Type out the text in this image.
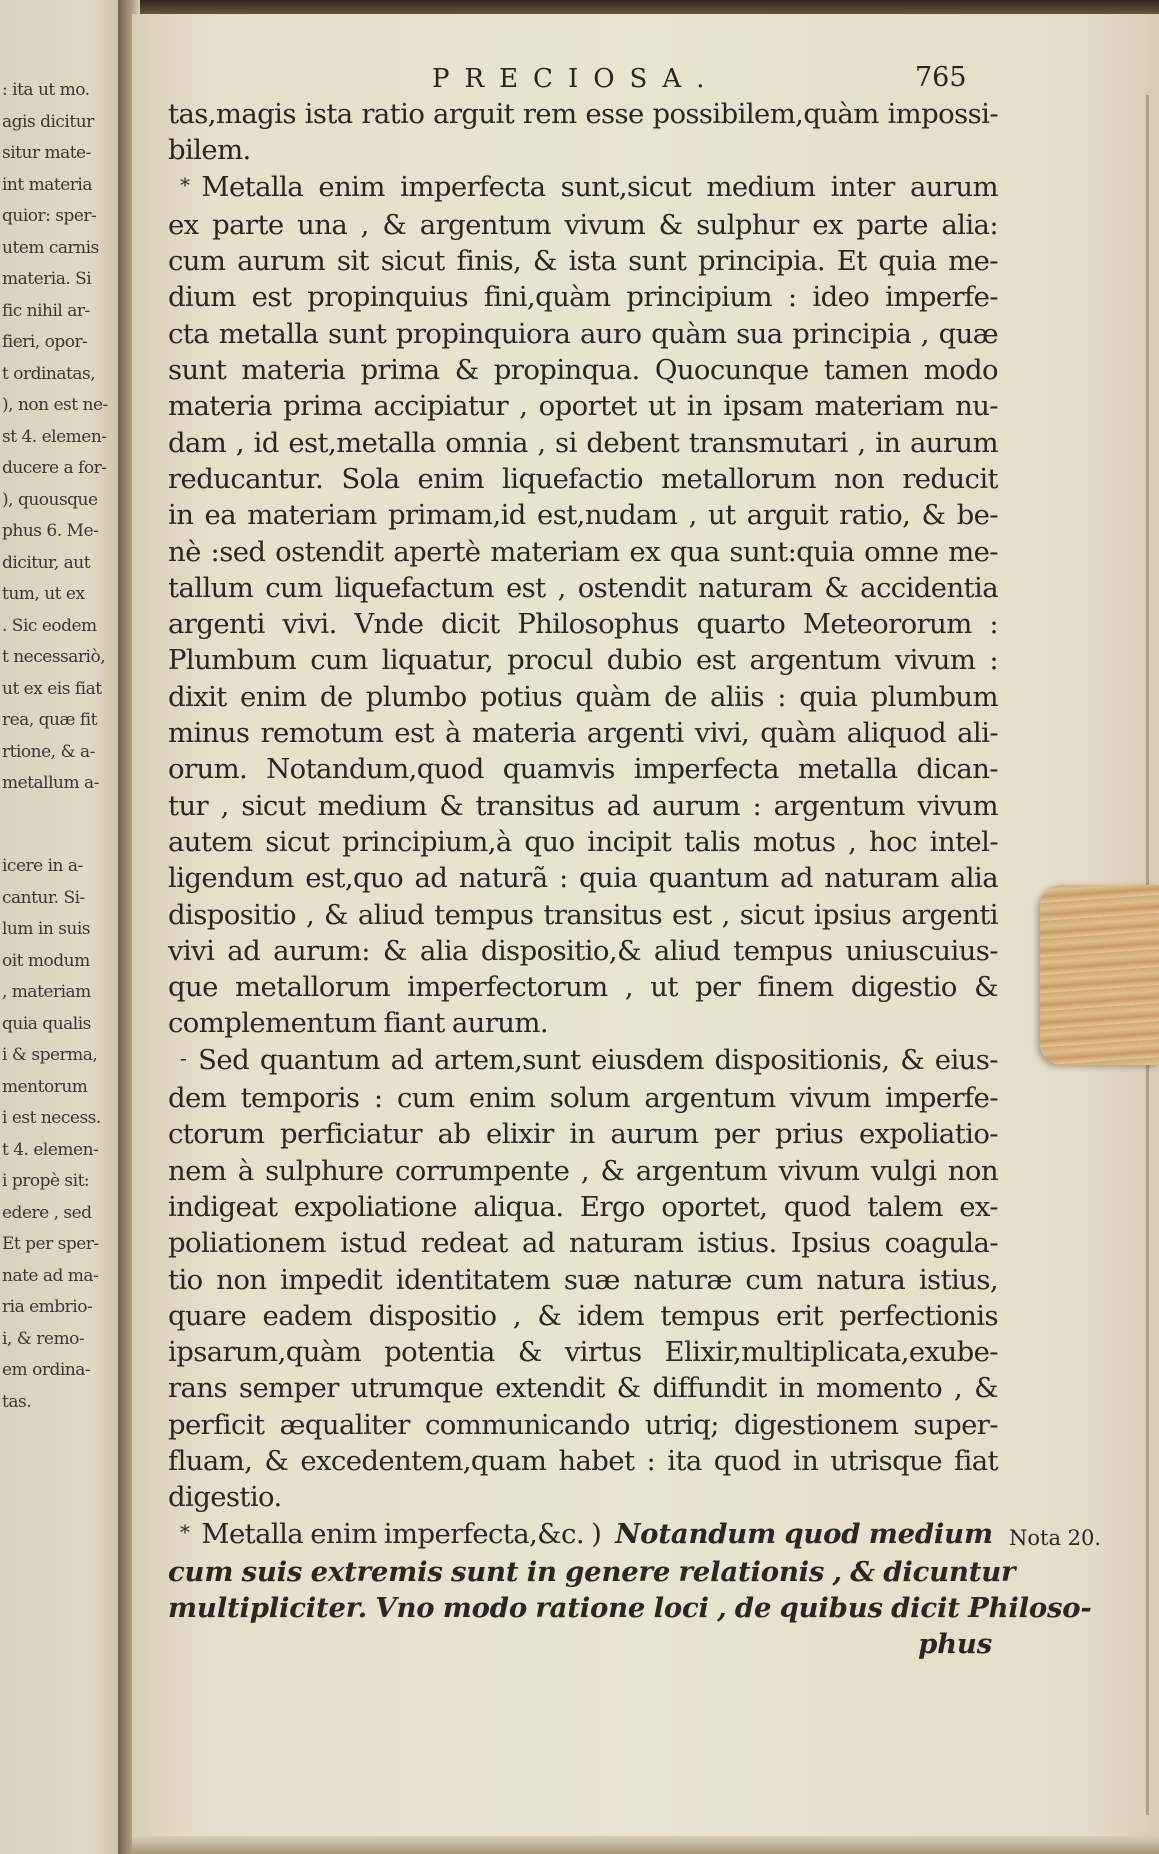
: ita ut mo.
agis dicitur
situr mate-
int materia
quior: sper-
utem carnis
materia. Si
fic nihil ar-
fieri, opor-
t ordinatas,
), non est ne-
st 4. elemen-
ducere a for-
), quousque
phus 6. Me-
dicitur, aut
tum, ut ex
. Sic eodem
t necessariò,
ut ex eis fiat
rea, quæ fit
rtione, & a-
metallum a-
icere in a-
cantur. Si-
lum in suis
oit modum
, materiam
quia qualis
i & sperma,
mentorum
i est necess.
t 4. elemen-
i propè sit:
edere , sed
Et per sper-
nate ad ma-
ria embrio-
i, & remo-
em ordina-
tas.
PRECIOSA.	765
tas,magis ista ratio arguit rem esse possibilem,quàm impossi-
bilem.
* Metalla enim imperfecta sunt,sicut medium inter aurum
ex parte una , & argentum vivum & sulphur ex parte alia:
cum aurum sit sicut finis, & ista sunt principia. Et quia me-
dium est propinquius fini,quàm principium : ideo imperfe-
cta metalla sunt propinquiora auro quàm sua principia , quæ
sunt materia prima & propinqua. Quocunque tamen modo
materia prima accipiatur , oportet ut in ipsam materiam nu-
dam , id est,metalla omnia , si debent transmutari , in aurum
reducantur. Sola enim liquefactio metallorum non reducit
in ea materiam primam,id est,nudam , ut arguit ratio, & be-
nè :sed ostendit apertè materiam ex qua sunt:quia omne me-
tallum cum liquefactum est , ostendit naturam & accidentia
argenti vivi. Vnde dicit Philosophus quarto Meteororum :
Plumbum cum liquatur, procul dubio est argentum vivum :
dixit enim de plumbo potius quàm de aliis : quia plumbum
minus remotum est à materia argenti vivi, quàm aliquod ali-
orum. Notandum,quod quamvis imperfecta metalla dican-
tur , sicut medium & transitus ad aurum : argentum vivum
autem sicut principium,à quo incipit talis motus , hoc intel-
ligendum est,quo ad naturã : quia quantum ad naturam alia
dispositio , & aliud tempus transitus est , sicut ipsius argenti
vivi ad aurum: & alia dispositio,& aliud tempus uniuscuius-
que metallorum imperfectorum , ut per finem digestio &
complementum fiant aurum.
- Sed quantum ad artem,sunt eiusdem dispositionis, & eius-
dem temporis : cum enim solum argentum vivum imperfe-
ctorum perficiatur ab elixir in aurum per prius expoliatio-
nem à sulphure corrumpente , & argentum vivum vulgi non
indigeat expoliatione aliqua. Ergo oportet, quod talem ex-
poliationem istud redeat ad naturam istius. Ipsius coagula-
tio non impedit identitatem suæ naturæ cum natura istius,
quare eadem dispositio , & idem tempus erit perfectionis
ipsarum,quàm potentia & virtus Elixir,multiplicata,exube-
rans semper utrumque extendit & diffundit in momento , &
perficit æqualiter communicando utriq; digestionem super-
fluam, & excedentem,quam habet : ita quod in utrisque fiat
digestio.
* Metalla enim imperfecta,&c. ) Notandum quod medium
cum suis extremis sunt in genere relationis , & dicuntur
multipliciter. Vno modo ratione loci , de quibus dicit Philoso-
phus
Nota 20.
